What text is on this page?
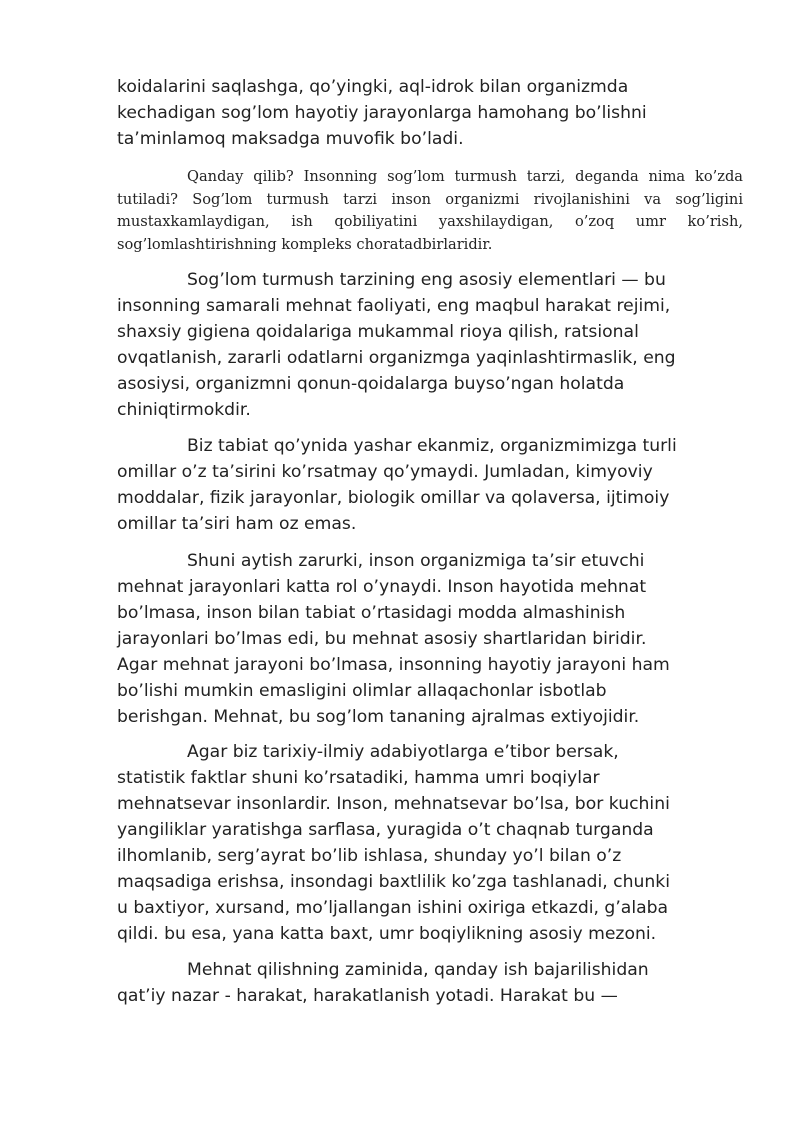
koidalarini saqlashga, qo’yingki, aql-idrok bilan organizmda kechadigan sog’lom hayotiy jarayonlarga hamohang bo’lishni ta’minlamoq maksadga muvofik bo’ladi.

Qanday qilib? Insonning sog’lom turmush tarzi, deganda nima ko’zda tutiladi? Sog’lom turmush tarzi inson organizmi rivojlanishini va sog’ligini mustaxkamlaydigan, ish qobiliyatini yaxshilaydigan, o’zoq umr ko’rish, sog’lomlashtirishning kompleks choratadbirlaridir.

Sog’lom turmush tarzining eng asosiy elementlari — bu insonning samarali mehnat faoliyati, eng maqbul harakat rejimi, shaxsiy gigiena qoidalariga mukammal rioya qilish, ratsional ovqatlanish, zararli odatlarni organizmga yaqinlashtirmaslik, eng asosiysi, organizmni qonun-qoidalarga buyso’ngan holatda chiniqtirmokdir.

Biz tabiat qo’ynida yashar ekanmiz, organizmimizga turli omillar o’z ta’sirini ko’rsatmay qo’ymaydi. Jumladan, kimyoviy moddalar, fizik jarayonlar, biologik omillar va qolaversa, ijtimoiy omillar ta’siri ham oz emas.

Shuni aytish zarurki, inson organizmiga ta’sir etuvchi mehnat jarayonlari katta rol o’ynaydi. Inson hayotida mehnat bo’lmasa, inson bilan tabiat o’rtasidagi modda almashinish jarayonlari bo’lmas edi, bu mehnat asosiy shartlaridan biridir. Agar mehnat jarayoni bo’lmasa, insonning hayotiy jarayoni ham bo’lishi mumkin emasligini olimlar allaqachonlar isbotlab berishgan. Mehnat, bu sog’lom tananing ajralmas extiyojidir.

Agar biz tarixiy-ilmiy adabiyotlarga e’tibor bersak, statistik faktlar shuni ko’rsatadiki, hamma umri boqiylar mehnatsevar insonlardir. Inson, mehnatsevar bo’lsa, bor kuchini yangiliklar yaratishga sarflasa, yuragida o’t chaqnab turganda ilhomlanib, serg’ayrat bo’lib ishlasa, shunday yo’l bilan o’z maqsadiga erishsa, insondagi baxtlilik ko’zga tashlanadi, chunki u baxtiyor, xursand, mo’ljallangan ishini oxiriga etkazdi, g’alaba qildi. bu esa, yana katta baxt, umr boqiylikning asosiy mezoni.

Mehnat qilishning zaminida, qanday ish bajarilishidan qat’iy nazar - harakat, harakatlanish yotadi. Harakat bu —
